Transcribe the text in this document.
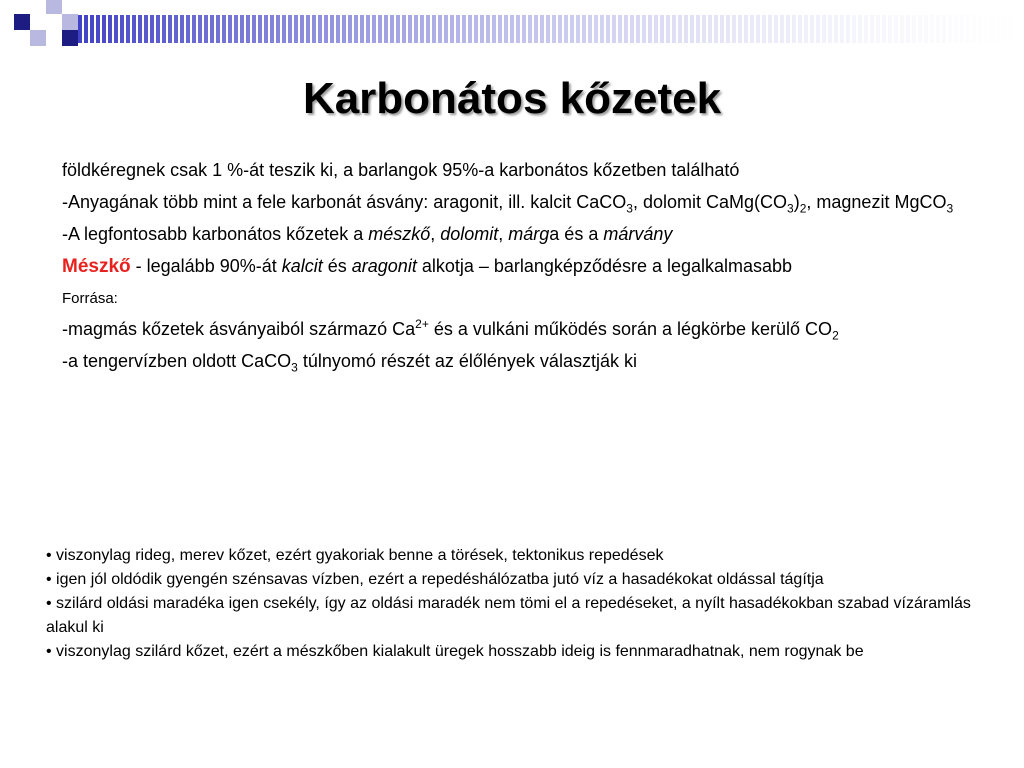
Karbonátos kőzetek

földkéregnek csak 1 %-át teszik ki, a barlangok 95%-a karbonátos kőzetben található

-Anyagának több mint a fele karbonát ásvány: aragonit, ill. kalcit CaCO$_3$, dolomit $CaMg(CO_3)_2$, magnezit MgCO$_3$

-A legfontosabb karbonátos kőzetek a mészkő, dolomit, márga és a márvány

Mészkő - legalább 90%-át kalcit és aragonit alkotja – barlangképződésre a legalkalmasabb

Forrása:

-magmás kőzetek ásványaiból származó $Ca^{2+}$ és a vulkáni működés során a légkörbe kerülő $CO_2$

-a tengervízben oldott CaCO$_3$ túlnyomó részét az élőlények választják ki

• viszonylag rideg, merev kőzet, ezért gyakoriak benne a törések, tektonikus repedések

• igen jól oldódik gyengén szénsavas vízben, ezért a repedéshálózatba jutó víz a hasadékokat oldással tágítja

• szilárd oldási maradéka igen csekély, így az oldási maradék nem tömi el a repedéseket, a nyílt hasadékokban szabad vízáramlás alakul ki

• viszonylag szilárd kőzet, ezért a mészkőben kialakult üregek hosszabb ideig is fennmaradhatnak, nem rogynak be
